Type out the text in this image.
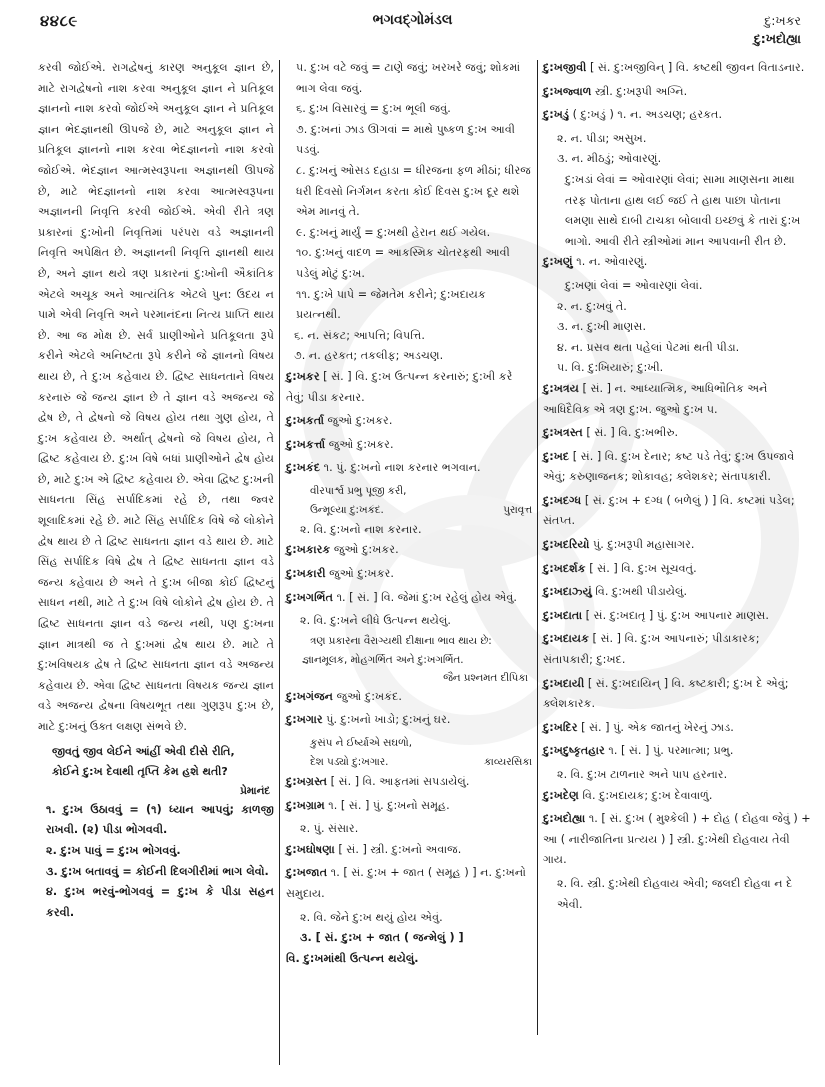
૪૪૮૯	ભગવદ્ગોમંડલ	દુ:ખકર
દુ:ખદોહ્યા

કરવી જોઈએ. રાગદ્વેષનું કારણ અનુકૂલ જ્ઞાન છે, માટે રાગદ્વેષનો નાશ કરવા અનુકૂલ જ્ઞાન ને પ્રતિકૂલ જ્ઞાનનો નાશ કરવો જોઈએ અનુકૂલ જ્ઞાન ને પ્રતિકૂલ જ્ઞાન ભેદજ્ઞાનથી ઊપજે છે, માટે અનુકૂલ જ્ઞાન ને પ્રતિકૂલ જ્ઞાનનો નાશ કરવા ભેદજ્ઞાનનો નાશ કરવો જોઈએ. ભેદજ્ઞાન આત્મસ્વરૂપના અજ્ઞાનથી ઊપજે છે, માટે ભેદજ્ઞાનનો નાશ કરવા આત્મસ્વરૂપના અજ્ઞાનની નિવૃત્તિ કરવી જોઈએ. એવી રીતે ત્રણ પ્રકારનાં દુ:ખોની નિવૃત્તિમાં પરંપરા વડે અજ્ઞાનની નિવૃત્તિ અપેક્ષિત છે. અજ્ઞાનની નિવૃત્તિ જ્ઞાનથી થાય છે, અને જ્ઞાન થયે ત્રણ પ્રકારનાં દુ:ખોની ઐકાંતિક એટલે અચૂક અને આત્યંતિક એટલે પુન: ઉદય ન પામે એવી નિવૃત્તિ અને પરમાનંદના નિત્ય પ્રાપ્તિ થાય છે. આ જ મોક્ષ છે. સર્વ પ્રાણીઓને પ્રતિકૂલતા રૂપે કરીને એટલે અનિષ્ટતા રૂપે કરીને જે જ્ઞાનનો વિષય થાય છે, તે દુ:ખ કહેવાય છે. દ્વિષ્ટ સાધનતાને વિષય કરનારું જે જન્ય જ્ઞાન છે તે જ્ઞાન વડે અજન્ય જે દ્વેષ છે, તે દ્વેષનો જે વિષય હોય તથા ગુણ હોય, તે દુ:ખ કહેવાય છે. અર્થાત્ દ્વેષનો જે વિષય હોય, તે દ્વિષ્ટ કહેવાય છે. દુ:ખ વિષે બધાં પ્રાણીઓને દ્વેષ હોય છે, માટે દુ:ખ એ દ્વિષ્ટ કહેવાય છે. એવા દ્વિષ્ટ દુ:ખની સાધનતા સિંહ સર્પાદિકમાં રહે છે, તથા જ્વર શૂલાદિકમાં રહે છે. માટે સિંહ સર્પાદિક વિષે જે લોકોને દ્વેષ થાય છે તે દ્વિષ્ટ સાધનતા જ્ઞાન વડે થાય છે. માટે સિંહ સર્પાદિક વિષે દ્વેષ તે દ્વિષ્ટ સાધનતા જ્ઞાન વડે જન્ય કહેવાય છે અને તે દુ:ખ બીજા કોઈ દ્વિષ્ટનું સાધન નથી, માટે તે દુ:ખ વિષે લોકોને દ્વેષ હોય છે. તે દ્વિષ્ટ સાધનતા જ્ઞાન વડે જન્ય નથી, પણ દુ:ખના જ્ઞાન માત્રથી જ તે દુ:ખમાં દ્વેષ થાય છે. માટે તે દુ:ખવિષયક દ્વેષ તે દ્વિષ્ટ સાધનતા જ્ઞાન વડે અજન્ય કહેવાય છે. એવા દ્વિષ્ટ સાધનતા વિષયક જન્ય જ્ઞાન વડે અજન્ય દ્વેષના વિષયભૂત તથા ગુણરૂપ દુ:ખ છે, માટે દુ:ખનું ઉક્ત લક્ષણ સંભવે છે.

જીવતું જીવ લેઈને આંહીં એવી દીસે રીતિ,
કોઈને દુ:ખ દેવાથી તૃપ્તિ કેમ હશે થતી?
પ્રેમાનંદ
૧. દુ:ખ ઉઠાવવું = (૧) ધ્યાન આપવું; કાળજી રાખવી. (૨) પીડા ભોગવવી.
૨. દુ:ખ પાવું = દુ:ખ ભોગવવું.
૩. દુ:ખ બતાવવું = કોઈની દિલગીરીમાં ભાગ લેવો.
૪. દુ:ખ ભરવું-ભોગવવું = દુ:ખ કે પીડા સહન કરવી.
૫. દુ:ખ વટે જવું = ટાણે જવું; ખરખરે જવું; શોકમાં ભાગ લેવા જવું.
૬. દુ:ખ વિસારવું = દુ:ખ ભૂલી જવું.
૭. દુ:ખનાં ઝાડ ઊગવાં = માથે પુષ્કળ દુ:ખ આવી પડવું.
૮. દુ:ખનું ઓસડ દહાડા = ધીરજના ફળ મીઠાં; ધીરજ ધરી દિવસો નિર્ગમન કરતા કોઈ દિવસ દુ:ખ દૂર થશે એમ માનવું તે.
૯. દુ:ખનું માર્યું = દુ:ખથી હેરાન થઈ ગયેલ.
૧૦. દુ:ખનું વાદળ = આકસ્મિક ચોતરફથી આવી પડેલું મોટું દુ:ખ.
૧૧. દુ:ખે પાપે = જેમતેમ કરીને; દુ:ખદાયક પ્રયત્નથી.
૬. ન. સંકટ; આપત્તિ; વિપત્તિ.
૭. ન. હરકત; તકલીફ; અડચણ.
દુ:ખકર [ સં. ] વિ. દુ:ખ ઉત્પન્ન કરનારું; દુ:ખી કરે તેવું; પીડા કરનાર.
દુ:ખકર્તા જુઓ દુ:ખકર.
દુ:ખકર્ત્તા જુઓ દુ:ખકર.
દુ:ખકંદ ૧. પું. દુ:ખનો નાશ કરનાર ભગવાન.
વીરપાર્શ્વ પ્રભુ પૂજી કરી,
ઉન્મૂલ્યા દુ:ખકંદ.	પુરાવૃત્ત
૨. વિ. દુ:ખનો નાશ કરનાર.
દુ:ખકારક જુઓ દુ:ખકર.
દુ:ખકારી જુઓ દુ:ખકર.
દુ:ખગર્ભિત ૧. [ સં. ] વિ. જેમાં દુ:ખ રહેલું હોય એવું.
૨. વિ. દુ:ખને લીધે ઉત્પન્ન થયેલું.
ત્રણ પ્રકારના વૈરાગ્યથી દીક્ષાના ભાવ થાય છે:
જ્ઞાનમૂલક, મોહગર્ભિત અને દુ:ખગર્ભિત.
જૈન પ્રશ્નમત દીપિકા
દુ:ખગંજન જુઓ દુ:ખકંદ.
દુ:ખગાર પું. દુ:ખનો ખાડો; દુ:ખનું ઘર.
કુસંપ ને ઈર્ષ્યાએ સઘળો,
દેશ પડ્યો દુ:ખગાર.	કાવ્યરસિકા
દુ:ખગ્રસ્ત [ સં. ] વિ. આફતમાં સપડાયેલું.
દુ:ખગ્રામ ૧. [ સં. ] પું. દુ:ખનો સમૂહ.
૨. પું. સંસાર.
દુ:ખઘોષણા [ સં. ] સ્ત્રી. દુ:ખનો અવાજ.
દુ:ખજાત ૧. [ સં. દુ:ખ + જાત ( સમૂહ ) ] ન. દુ:ખનો સમુદાય.
૨. વિ. જેને દુ:ખ થયું હોય એવું.
૩. [ સં. દુ:ખ + જાત ( જન્મેલું ) ]
વિ. દુ:ખમાંથી ઉત્પન્ન થયેલું.
દુ:ખજીવી [ સં. દુ:ખજીવિન્ ] વિ. કષ્ટથી જીવન વિતાડનાર.
દુ:ખજ્વાળ સ્ત્રી. દુ:ખરૂપી અગ્નિ.
દુ:ખડું ( દુ:ખડું ) ૧. ન. અડચણ; હરકત.
૨. ન. પીડા; અસુખ.
૩. ન. મીઠડું; ઓવારણું.
દુ:ખડાં લેવાં = ઓવારણાં લેવાં; સામા માણસના માથા તરફ પોતાના હાથ લઈ જઈ તે હાથ પાછા પોતાના લમણા સાથે દાબી ટાચકા બોલાવી ઇચ્છવું કે તારાં દુ:ખ ભાગો. આવી રીતે સ્ત્રીઓમાં માન આપવાની રીત છે.
દુ:ખણું ૧. ન. ઓવારણું.
દુ:ખણાં લેવાં = ઓવારણાં લેવાં.
૨. ન. દુ:ખવું તે.
૩. ન. દુ:ખી માણસ.
૪. ન. પ્રસવ થતા પહેલાં પેટમાં થતી પીડા.
૫. વિ. દુ:ખિયારું; દુ:ખી.
દુ:ખત્રય [ સં. ] ન. આધ્યાત્મિક, આધિભૌતિક અને આધિદૈવિક એ ત્રણ દુ:ખ. જુઓ દુ:ખ ૫.
દુ:ખત્રસ્ત [ સં. ] વિ. દુ:ખભીરુ.
દુ:ખદ [ સં. ] વિ. દુ:ખ દેનાર; કષ્ટ પડે તેવું; દુ:ખ ઉપજાવે એવું; કરુણાજનક; શોકાવહ; ક્લેશકર; સંતાપકારી.
દુ:ખદગ્ધ [ સં. દુ:ખ + દગ્ધ ( બળેલું ) ] વિ. કષ્ટમાં પડેલ; સંતપ્ત.
દુ:ખદરિયો પું. દુ:ખરૂપી મહાસાગર.
દુ:ખદર્શક [ સં. ] વિ. દુ:ખ સૂચવતું.
દુ:ખદાઝ્યું વિ. દુ:ખથી પીડાયેલું.
દુ:ખદાતા [ સં. દુ:ખદાતૃ ] પું. દુ:ખ આપનાર માણસ.
દુ:ખદાયક [ સં. ] વિ. દુ:ખ આપનારું; પીડાકારક; સંતાપકારી; દુ:ખદ.
દુ:ખદાયી [ સં. દુ:ખદાયિન્ ] વિ. કષ્ટકારી; દુ:ખ દે એવું; ક્લેશકારક.
દુ:ખદિર [ સં. ] પું. એક જાતનું ખેરનું ઝાડ.
દુ:ખદુષ્કૃતહાર ૧. [ સં. ] પું. પરમાત્મા; પ્રભુ.
૨. વિ. દુ:ખ ટાળનાર અને પાપ હરનાર.
દુ:ખદેણ વિ. દુ:ખદાયક; દુ:ખ દેવાવાળું.
દુ:ખદોહ્યા ૧. [ સં. દુ:ખ ( મુશ્કેલી ) + દોહ ( દોહવા જેવું ) + આ ( નારીજાતિના પ્રત્યય ) ] સ્ત્રી. દુ:ખેથી દોહવાય તેવી ગાય.
૨. વિ. સ્ત્રી. દુ:ખેથી દોહવાય એવી; જલદી દોહવા ન દે એવી.
